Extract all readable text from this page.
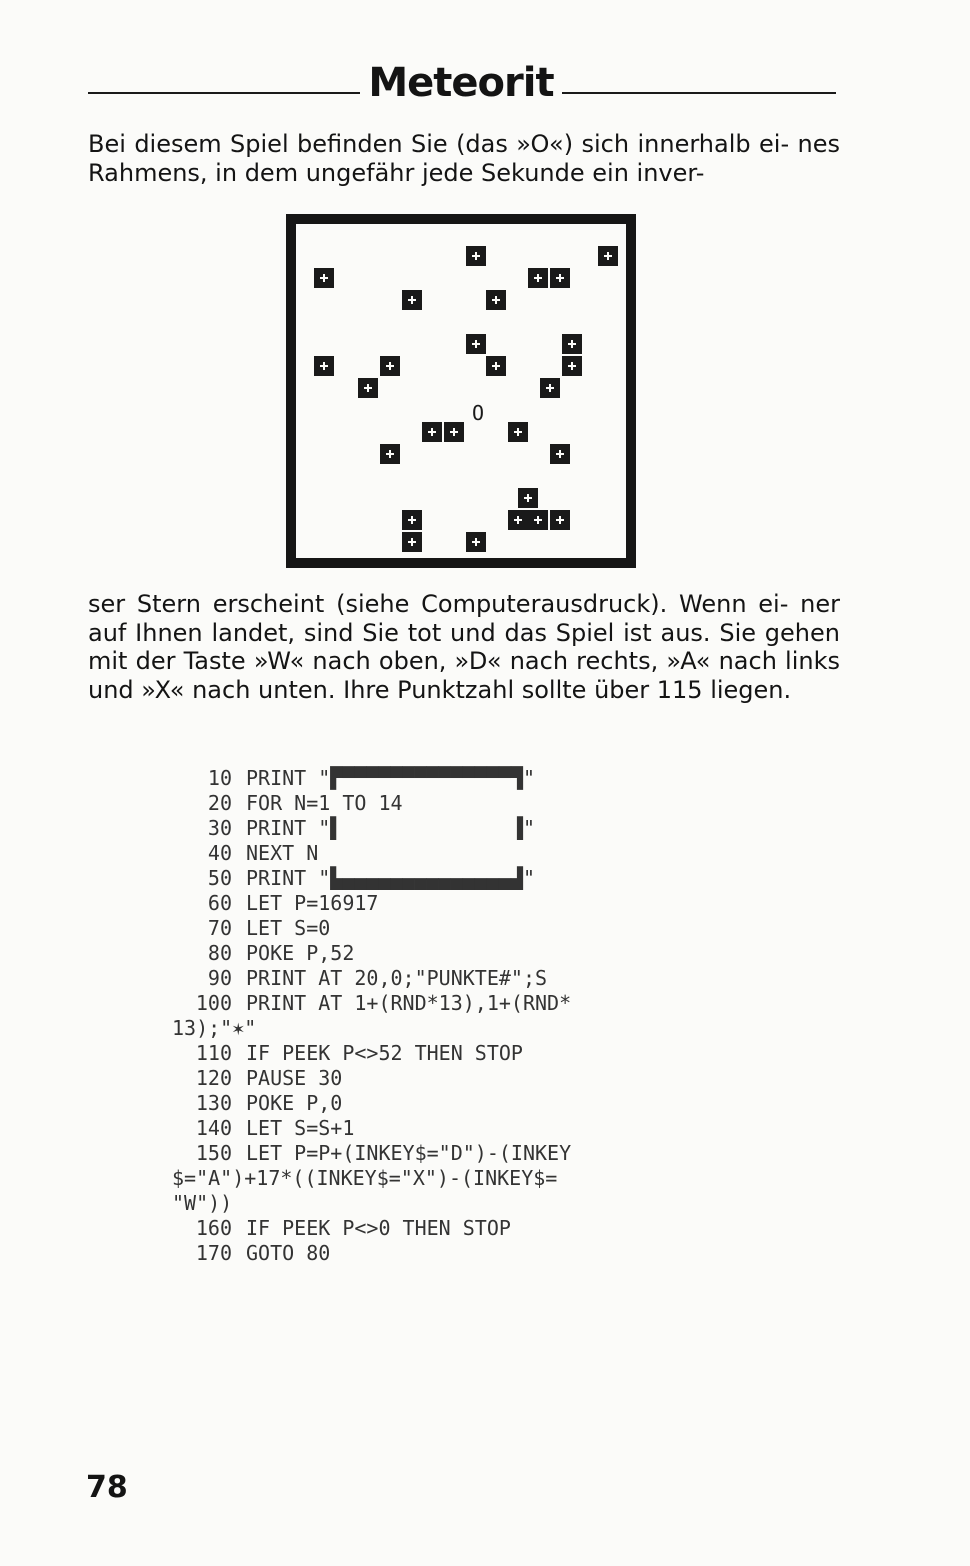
Meteorit

Bei diesem Spiel befinden Sie (das »O«) sich innerhalb ei- nes Rahmens, in dem ungefähr jede Sekunde ein inver-

O

ser Stern erscheint (siehe Computerausdruck). Wenn ei- ner auf Ihnen landet, sind Sie tot und das Spiel ist aus. Sie gehen mit der Taste »W« nach oben, »D« nach rechts, »A« nach links und »X« nach unten. Ihre Punktzahl sollte über 115 liegen.

10 PRINT "▛▀▀▀▀▀▀▀▀▀▀▀▀▀▀▜"
20 FOR N=1 TO 14
30 PRINT "▌              ▐"
40 NEXT N
50 PRINT "▙▄▄▄▄▄▄▄▄▄▄▄▄▄▄▟"
60 LET P=16917
70 LET S=0
80 POKE P,52
90 PRINT AT 20,0;"PUNKTE#";S
100 PRINT AT 1+(RND*13),1+(RND*
13);"✶"
110 IF PEEK P<>52 THEN STOP
120 PAUSE 30
130 POKE P,0
140 LET S=S+1
150 LET P=P+(INKEY$="D")-(INKEY
$="A")+17*((INKEY$="X")-(INKEY$=
"W"))
160 IF PEEK P<>0 THEN STOP
170 GOTO 80
78
